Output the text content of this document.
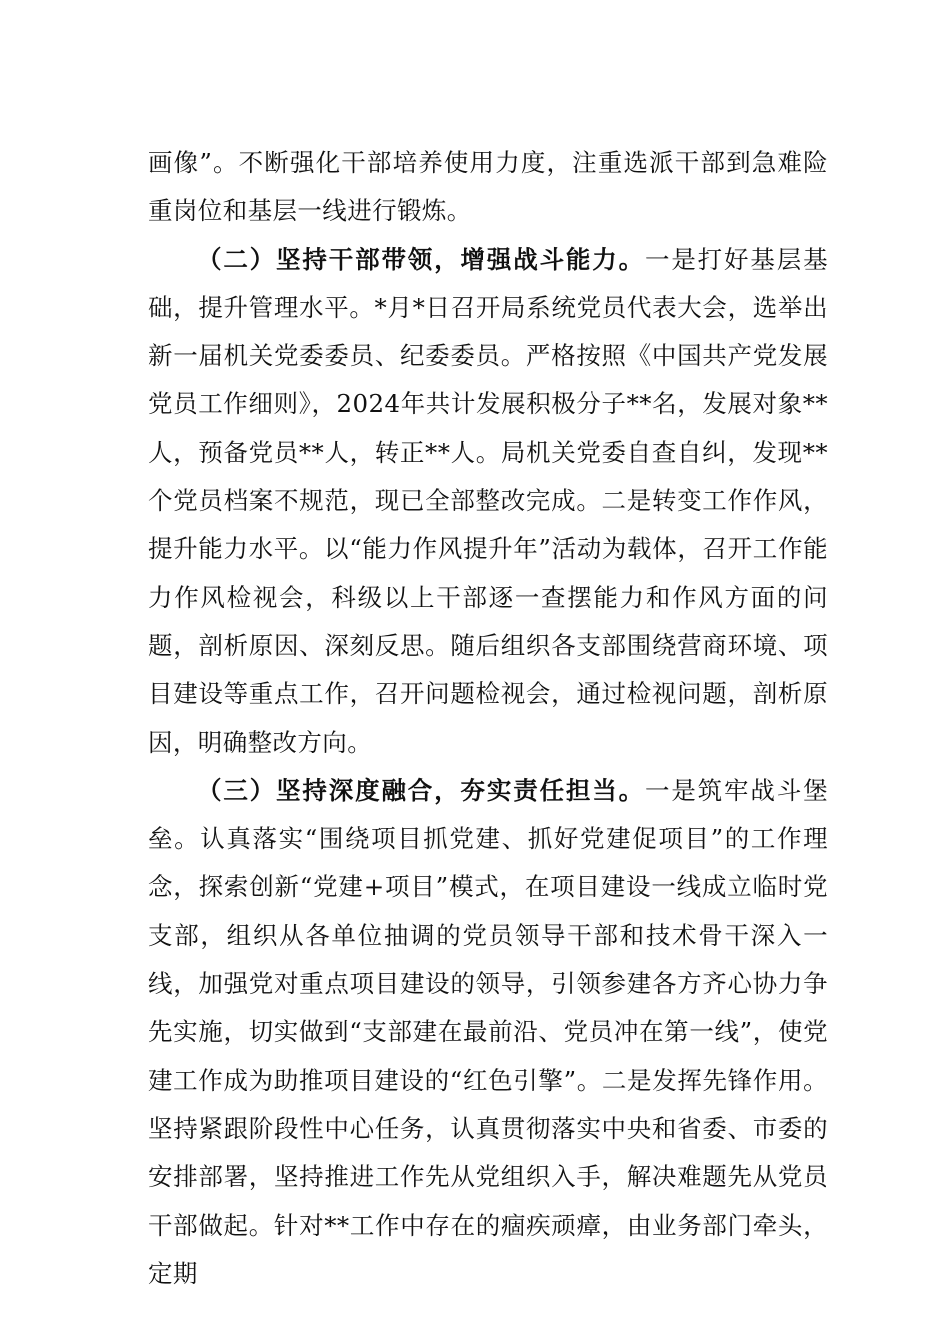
画像”。不断强化干部培养使用力度，注重选派干部到急难险重岗位和基层一线进行锻炼。

（二）坚持干部带领，增强战斗能力。一是打好基层基础，提升管理水平。*月*日召开局系统党员代表大会，选举出新一届机关党委委员、纪委委员。严格按照《中国共产党发展党员工作细则》，2024年共计发展积极分子**名，发展对象**人，预备党员**人，转正**人。局机关党委自查自纠，发现**个党员档案不规范，现已全部整改完成。二是转变工作作风，提升能力水平。以“能力作风提升年”活动为载体，召开工作能力作风检视会，科级以上干部逐一查摆能力和作风方面的问题，剖析原因、深刻反思。随后组织各支部围绕营商环境、项目建设等重点工作，召开问题检视会，通过检视问题，剖析原因，明确整改方向。

（三）坚持深度融合，夯实责任担当。一是筑牢战斗堡垒。认真落实“围绕项目抓党建、抓好党建促项目”的工作理念，探索创新“党建+项目”模式，在项目建设一线成立临时党支部，组织从各单位抽调的党员领导干部和技术骨干深入一线，加强党对重点项目建设的领导，引领参建各方齐心协力争先实施，切实做到“支部建在最前沿、党员冲在第一线”，使党建工作成为助推项目建设的“红色引擎”。二是发挥先锋作用。坚持紧跟阶段性中心任务，认真贯彻落实中央和省委、市委的安排部署，坚持推进工作先从党组织入手，解决难题先从党员干部做起。针对**工作中存在的痼疾顽瘴，由业务部门牵头，定期
